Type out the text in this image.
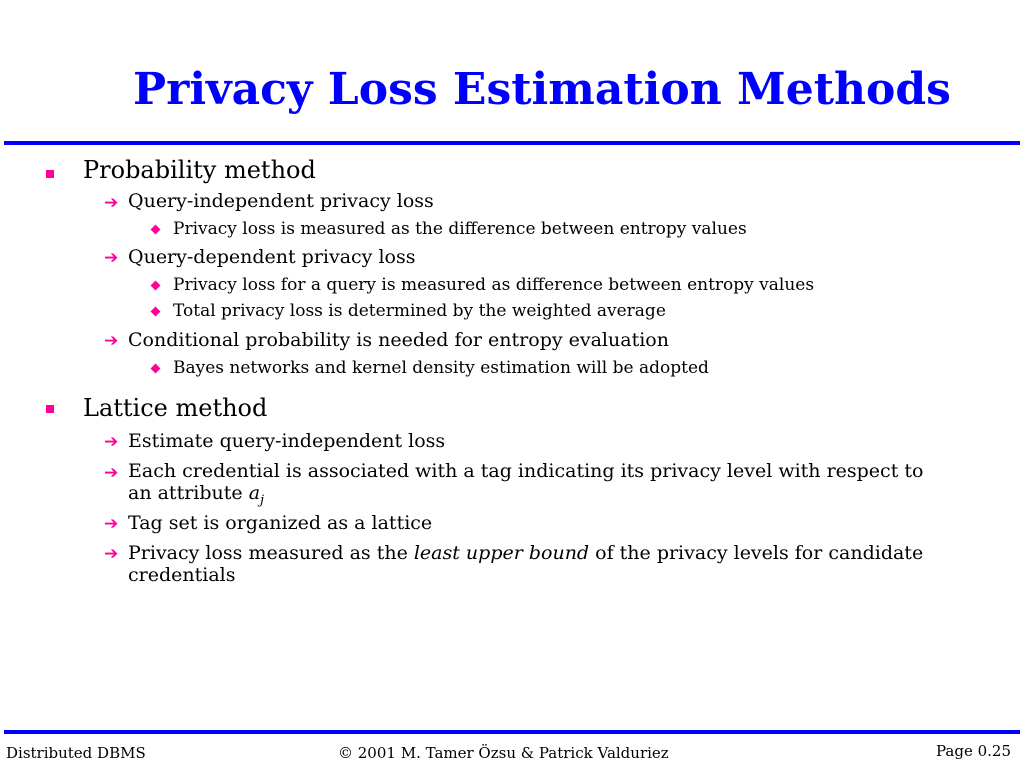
Privacy Loss Estimation Methods
Probability method
➔ Query-independent privacy loss
Privacy loss is measured as the difference between entropy values
➔ Query-dependent privacy loss
Privacy loss for a query is measured as difference between entropy values
Total privacy loss is determined by the weighted average
➔ Conditional probability is needed for entropy evaluation
Bayes networks and kernel density estimation will be adopted
Lattice method
➔ Estimate query-independent loss
➔ Each credential is associated with a tag indicating its privacy level with respect to
an attribute $a_j$
➔ Tag set is organized as a lattice
➔ Privacy loss measured as the least upper bound of the privacy levels for candidate
credentials
Distributed DBMS	© 2001 M. Tamer Özsu & Patrick Valduriez	Page 0.25
